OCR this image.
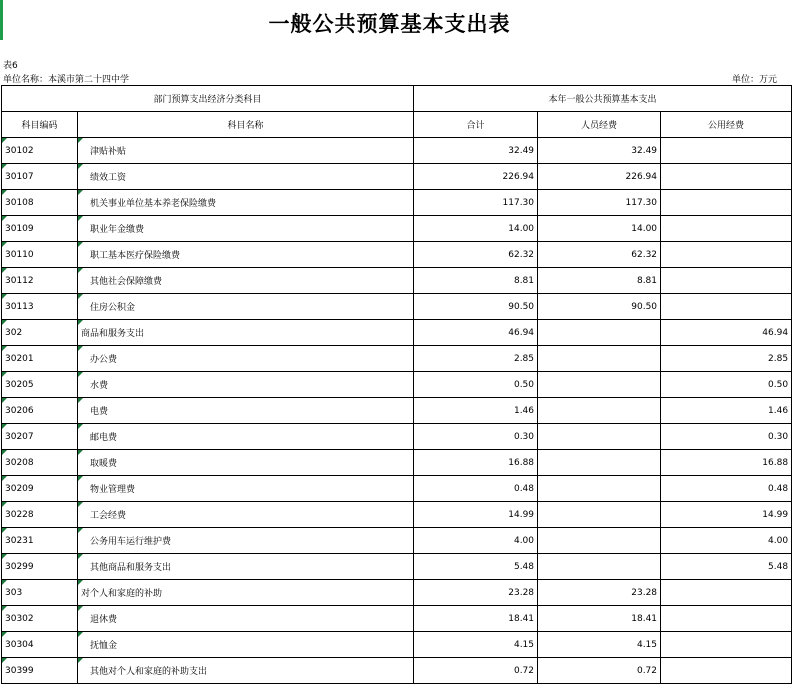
一般公共预算基本支出表
表6
单位名称：本溪市第二十四中学	单位：万元
部门预算支出经济分类科目		本年一般公共预算基本支出		
科目编码	科目名称	合计	人员经费	公用经费
30102	津贴补贴	32.49	32.49	
30107	绩效工资	226.94	226.94	
30108	机关事业单位基本养老保险缴费	117.30	117.30	
30109	职业年金缴费	14.00	14.00	
30110	职工基本医疗保险缴费	62.32	62.32	
30112	其他社会保障缴费	8.81	8.81	
30113	住房公积金	90.50	90.50	
302	商品和服务支出	46.94		46.94
30201	办公费	2.85		2.85
30205	水费	0.50		0.50
30206	电费	1.46		1.46
30207	邮电费	0.30		0.30
30208	取暖费	16.88		16.88
30209	物业管理费	0.48		0.48
30228	工会经费	14.99		14.99
30231	公务用车运行维护费	4.00		4.00
30299	其他商品和服务支出	5.48		5.48
303	对个人和家庭的补助	23.28	23.28	
30302	退休费	18.41	18.41	
30304	抚恤金	4.15	4.15	
30399	其他对个人和家庭的补助支出	0.72	0.72	
